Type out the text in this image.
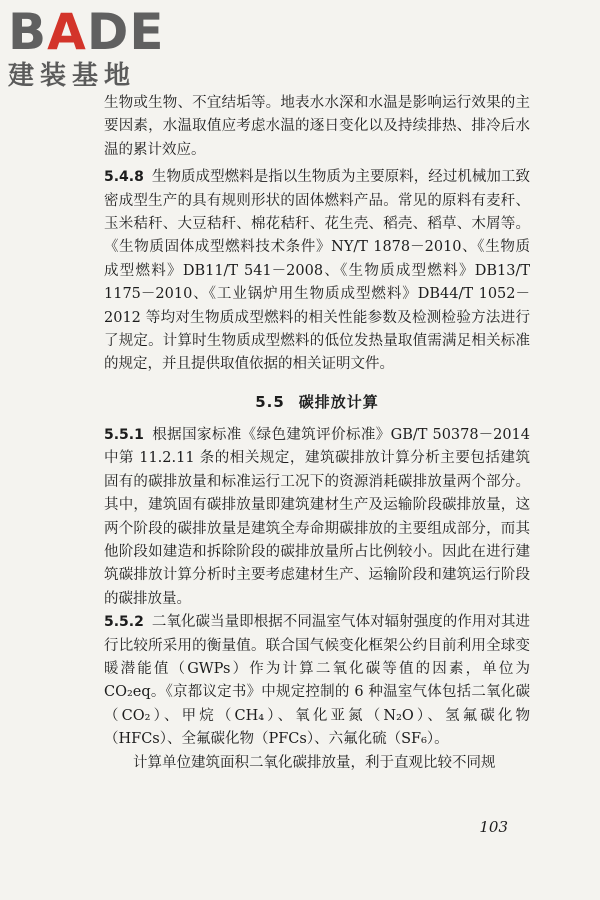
B A DE
建装基地

生物或生物、不宜结垢等。地表水水深和水温是影响运行效果的主要因素，水温取值应考虑水温的逐日变化以及持续排热、排冷后水温的累计效应。

5.4.8 生物质成型燃料是指以生物质为主要原料，经过机械加工致密成型生产的具有规则形状的固体燃料产品。常见的原料有麦秆、玉米秸秆、大豆秸秆、棉花秸秆、花生壳、稻壳、稻草、木屑等。《生物质固体成型燃料技术条件》NY/T 1878－2010、《生物质成型燃料》DB11/T 541－2008、《生物质成型燃料》DB13/T 1175－2010、《工业锅炉用生物质成型燃料》DB44/T 1052－2012 等均对生物质成型燃料的相关性能参数及检测检验方法进行了规定。计算时生物质成型燃料的低位发热量取值需满足相关标准的规定，并且提供取值依据的相关证明文件。

5.5 碳排放计算

5.5.1 根据国家标准《绿色建筑评价标准》GB/T 50378－2014 中第 11.2.11 条的相关规定，建筑碳排放计算分析主要包括建筑固有的碳排放量和标准运行工况下的资源消耗碳排放量两个部分。其中，建筑固有碳排放量即建筑建材生产及运输阶段碳排放量，这两个阶段的碳排放量是建筑全寿命期碳排放的主要组成部分，而其他阶段如建造和拆除阶段的碳排放量所占比例较小。因此在进行建筑碳排放计算分析时主要考虑建材生产、运输阶段和建筑运行阶段的碳排放量。

5.5.2 二氧化碳当量即根据不同温室气体对辐射强度的作用对其进行比较所采用的衡量值。联合国气候变化框架公约目前利用全球变暖潜能值（GWPs）作为计算二氧化碳等值的因素，单位为 CO₂eq。《京都议定书》中规定控制的 6 种温室气体包括二氧化碳（CO₂）、甲烷（CH₄）、氧化亚氮（N₂O）、氢氟碳化物（HFCs）、全氟碳化物（PFCs）、六氟化硫（SF₆）。

计算单位建筑面积二氧化碳排放量，利于直观比较不同规

103
